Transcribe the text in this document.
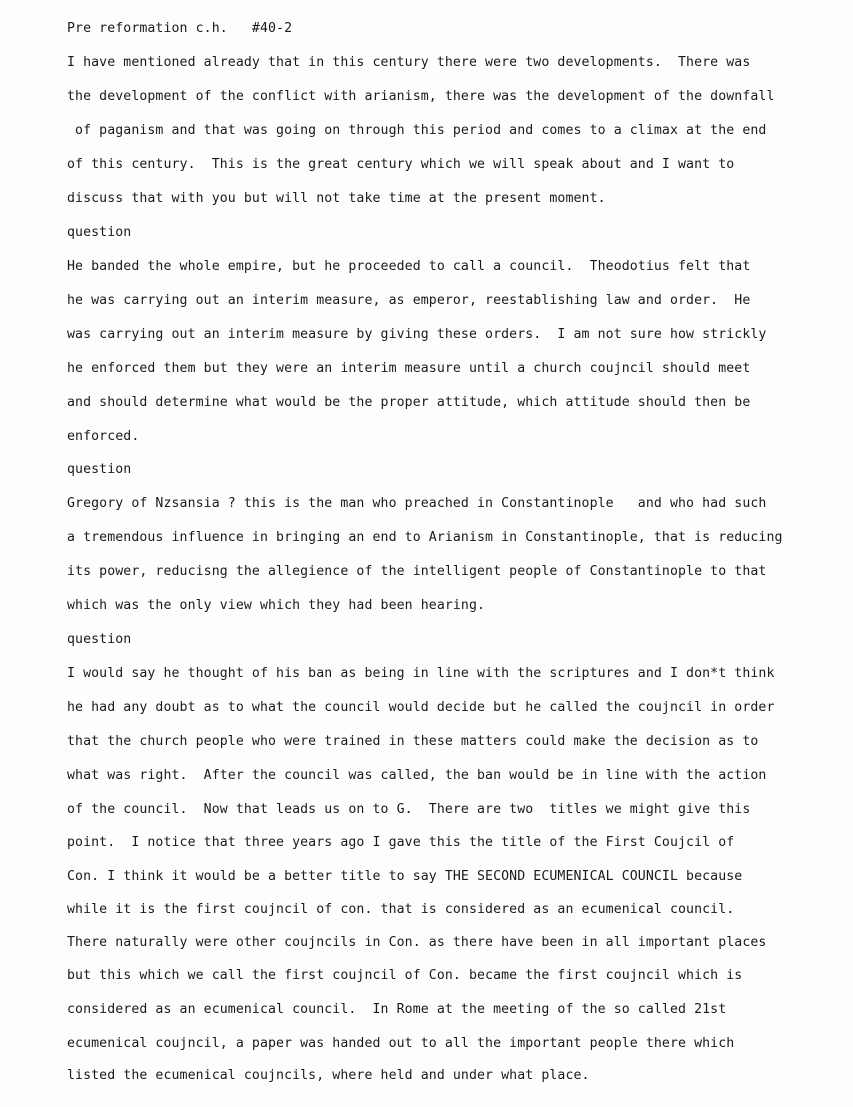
Pre reformation c.h.   #40-2
I have mentioned already that in this century there were two developments.  There was
the development of the conflict with arianism, there was the development of the downfall
of paganism and that was going on through this period and comes to a climax at the end
of this century.  This is the great century which we will speak about and I want to
discuss that with you but will not take time at the present moment.
question
He banded the whole empire, but he proceeded to call a council.  Theodotius felt that
he was carrying out an interim measure, as emperor, reestablishing law and order.  He
was carrying out an interim measure by giving these orders.  I am not sure how strickly
he enforced them but they were an interim measure until a church coujncil should meet
and should determine what would be the proper attitude, which attitude should then be
enforced.
question
Gregory of Nzsansia ? this is the man who preached in Constantinople   and who had such
a tremendous influence in bringing an end to Arianism in Constantinople, that is reducing
its power, reducisng the allegience of the intelligent people of Constantinople to that
which was the only view which they had been hearing.
question
I would say he thought of his ban as being in line with the scriptures and I don*t think
he had any doubt as to what the council would decide but he called the coujncil in order
that the church people who were trained in these matters could make the decision as to
what was right.  After the council was called, the ban would be in line with the action
of the council.  Now that leads us on to G.  There are two  titles we might give this
point.  I notice that three years ago I gave this the title of the First Coujcil of
Con. I think it would be a better title to say THE SECOND ECUMENICAL COUNCIL because
while it is the first coujncil of con. that is considered as an ecumenical council.
There naturally were other coujncils in Con. as there have been in all important places
but this which we call the first coujncil of Con. became the first coujncil which is
considered as an ecumenical council.  In Rome at the meeting of the so called 21st
ecumenical coujncil, a paper was handed out to all the important people there which
listed the ecumenical coujncils, where held and under what place.
